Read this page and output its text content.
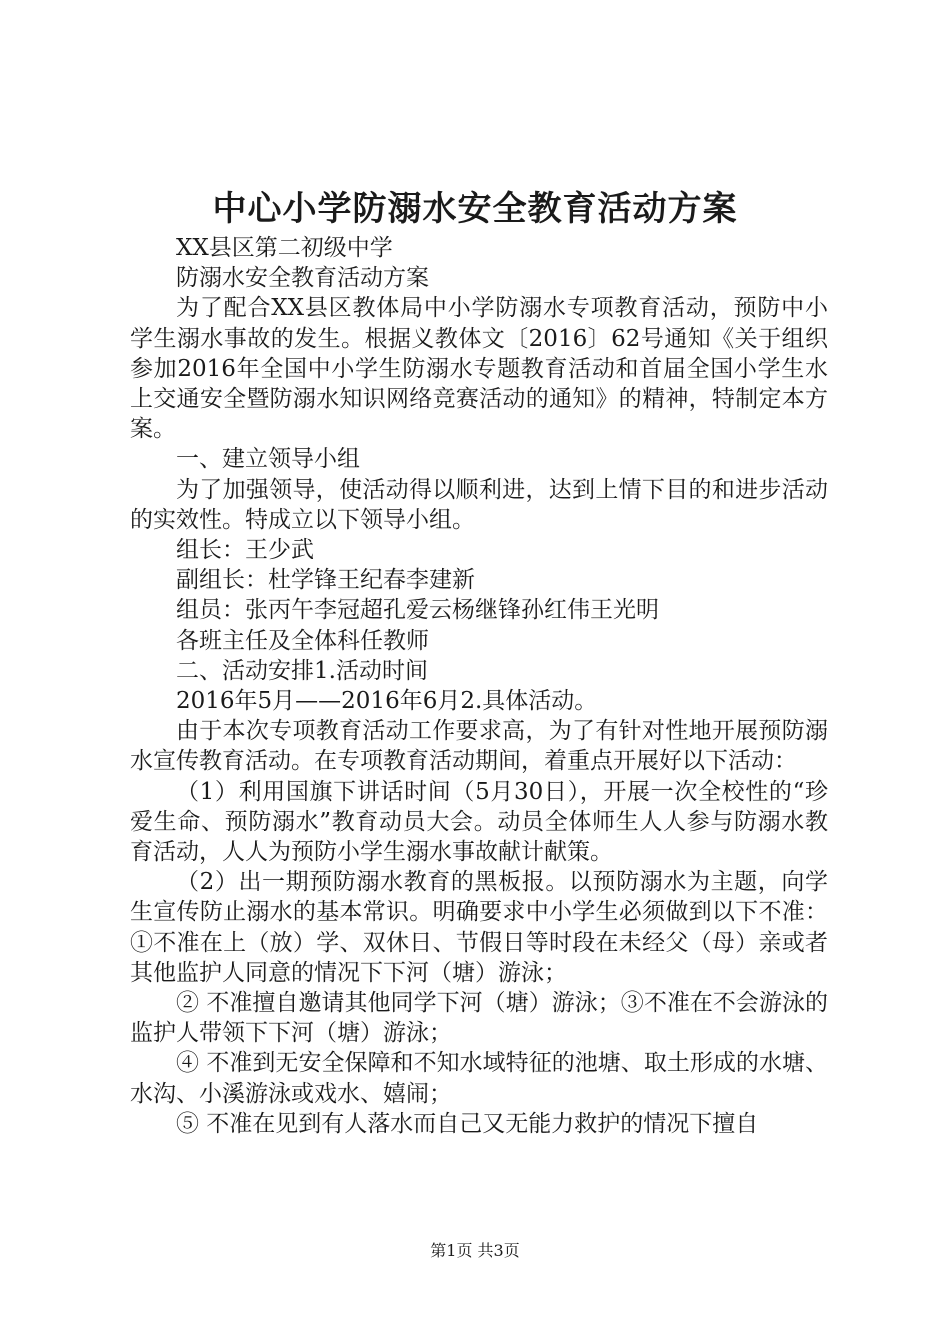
中心小学防溺水安全教育活动方案

XX县区第二初级中学

防溺水安全教育活动方案

为了配合XX县区教体局中小学防溺水专项教育活动，预防中小学生溺水事故的发生。根据义教体文〔2016〕62号通知《关于组织参加2016年全国中小学生防溺水专题教育活动和首届全国小学生水上交通安全暨防溺水知识网络竞赛活动的通知》的精神，特制定本方案。

一、建立领导小组

为了加强领导，使活动得以顺利进，达到上情下目的和进步活动的实效性。特成立以下领导小组。

组长：王少武

副组长：杜学锋王纪春李建新

组员：张丙午李冠超孔爱云杨继锋孙红伟王光明

各班主任及全体科任教师

二、活动安排1.活动时间

2016年5月——2016年6月2.具体活动。

由于本次专项教育活动工作要求高，为了有针对性地开展预防溺水宣传教育活动。在专项教育活动期间，着重点开展好以下活动：

（1）利用国旗下讲话时间（5月30日），开展一次全校性的“珍爱生命、预防溺水”教育动员大会。动员全体师生人人参与防溺水教育活动，人人为预防小学生溺水事故献计献策。

（2）出一期预防溺水教育的黑板报。以预防溺水为主题，向学生宣传防止溺水的基本常识。明确要求中小学生必须做到以下不准：①不准在上（放）学、双休日、节假日等时段在未经父（母）亲或者其他监护人同意的情况下下河（塘）游泳；

② 不准擅自邀请其他同学下河（塘）游泳；③不准在不会游泳的监护人带领下下河（塘）游泳；

④ 不准到无安全保障和不知水域特征的池塘、取土形成的水塘、水沟、小溪游泳或戏水、嬉闹；

⑤ 不准在见到有人落水而自己又无能力救护的情况下擅自

第1页 共3页
